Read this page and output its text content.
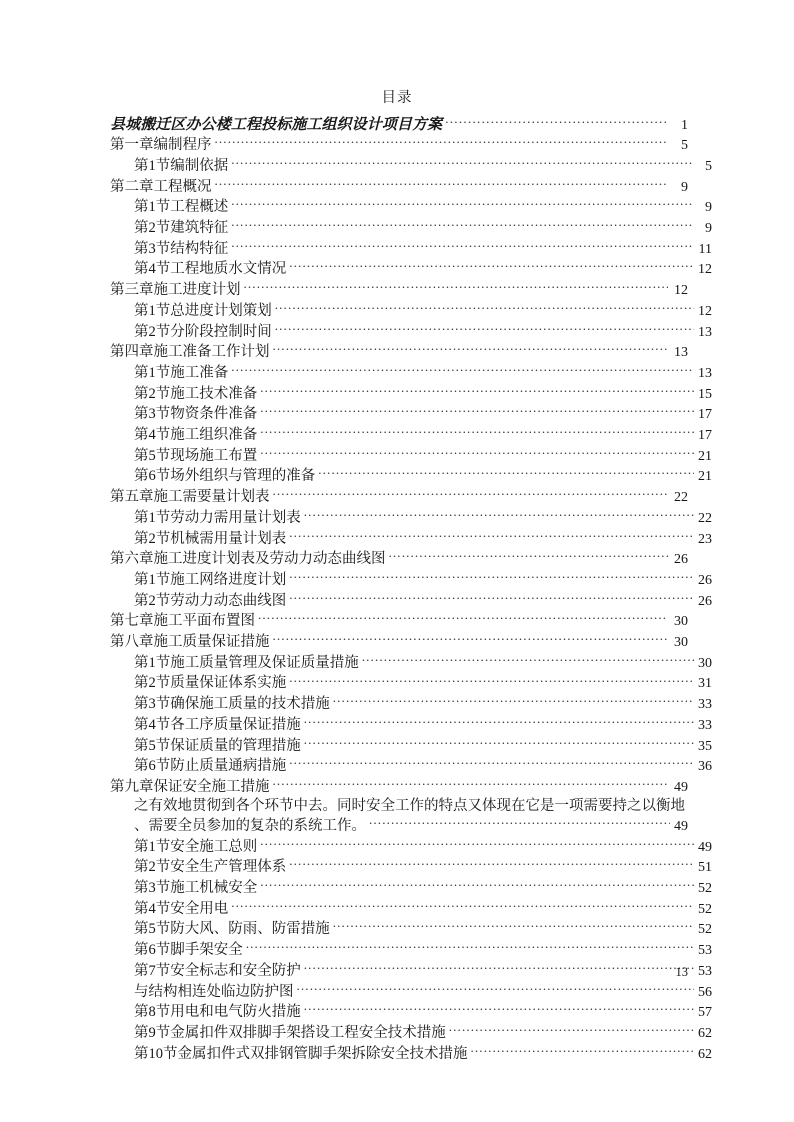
目录
县城搬迁区办公楼工程投标施工组织设计项目方案 .....	1
第一章编制程序 .....	5
第1节编制依据 .....	5
第二章工程概况 .....	9
第1节工程概述 .....	9
第2节建筑特征 .....	9
第3节结构特征 .....	11
第4节工程地质水文情况 .....	12
第三章施工进度计划 .....	12
第1节总进度计划策划 .....	12
第2节分阶段控制时间 .....	13
第四章施工准备工作计划 .....	13
第1节施工准备 .....	13
第2节施工技术准备 .....	15
第3节物资条件准备 .....	17
第4节施工组织准备 .....	17
第5节现场施工布置 .....	21
第6节场外组织与管理的准备 .....	21
第五章施工需要量计划表 .....	22
第1节劳动力需用量计划表 .....	22
第2节机械需用量计划表 .....	23
第六章施工进度计划表及劳动力动态曲线图 .....	26
第1节施工网络进度计划 .....	26
第2节劳动力动态曲线图 .....	26
第七章施工平面布置图 .....	30
第八章施工质量保证措施 .....	30
第1节施工质量管理及保证质量措施 .....	30
第2节质量保证体系实施 .....	31
第3节确保施工质量的技术措施 .....	33
第4节各工序质量保证措施 .....	33
第5节保证质量的管理措施 .....	35
第6节防止质量通病措施 .....	36
第九章保证安全施工措施 .....	49
之有效地贯彻到各个环节中去。同时安全工作的特点又体现在它是一项需要持之以衡地
、需要全员参加的复杂的系统工作。 .....	49
第1节安全施工总则 .....	49
第2节安全生产管理体系 .....	51
第3节施工机械安全 .....	52
第4节安全用电 .....	52
第5节防大风、防雨、防雷措施 .....	52
第6节脚手架安全 .....	53
第7节安全标志和安全防护 .....	53
与结构相连处临边防护图 .....	56
第8节用电和电气防火措施 .....	57
第9节金属扣件双排脚手架搭设工程安全技术措施 .....	62
第10节金属扣件式双排钢管脚手架拆除安全技术措施 .....	62
13
